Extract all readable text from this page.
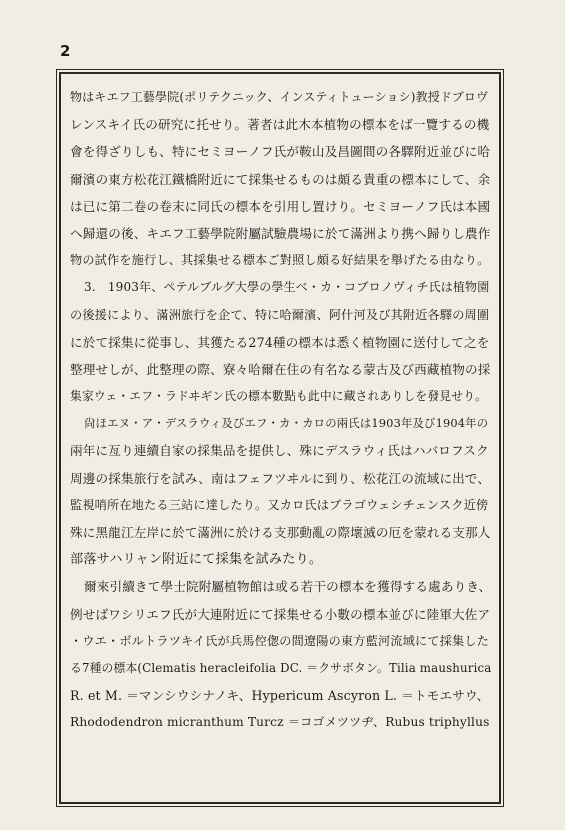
2
物はキエフ工藝學院(ポリテクニック、インスティトューショシ)教授ドブロヴ
レンスキイ氏の研究に托せり。著者は此木本植物の標本をば一覽するの機
會を得ざりしも、特にセミヨーノフ氏が鞍山及昌圖間の各驛附近並びに哈
爾濱の東方松花江鐵橋附近にて採集せるものは頗る貴重の標本にして、余
は已に第二卷の卷末に同氏の標本を引用し置けり。セミヨーノフ氏は本國
へ歸還の後、キエフ工藝學院附屬試驗農場に於て滿洲より携へ歸りし農作
物の試作を施行し、其採集せる標本ご對照し頗る好結果を舉げたる由なり。
3.　1903年、ペテルブルグ大學の學生ベ・カ・コブロノヴィチ氏は植物園
の後援により、滿洲旅行を企て、特に哈爾濱、阿什河及び其附近各驛の周圍
に於て採集に從事し、其獲たる274種の標本は悉く植物園に送付して之を
整理せしが、此整理の際、寮々哈爾在住の有名なる蒙古及び西藏植物の採
集家ウェ・エフ・ラドヰギン氏の標本數點も此中に藏されありしを發見せり。
尙ほエヌ・ア・デスラウィ及びエフ・カ・カロの兩氏は1903年及び1904年の
兩年に亙り連續自家の採集品を提供し、殊にデスラウィ氏はハバロフスク
周邊の採集旅行を試み、南はフェフツヰルに到り、松花江の流域に出で、
監視哨所在地たる三站に達したり。又カロ氏はブラゴウェシチェンスク近傍
殊に黑龍江左岸に於て滿洲に於ける支那動亂の際壞滅の厄を蒙れる支那人
部落サハリャン附近にて採集を試みたり。
爾來引續きて學士院附屬植物館は或る若干の標本を獲得する處ありき、
例せばワシリエフ氏が大連附近にて採集せる小數の標本並びに陸軍大佐ア
・ウエ・ボルトラツキイ氏が兵馬倥偬の間遼陽の東方藍河流域にて採集した
る7種の標本(Clematis heracleifolia DC. ＝クサボタン。Tilia maushurica
R. et M. ＝マンシウシナノキ、Hypericum Ascyron L. ＝トモエサウ、
Rhododendron micranthum Turcz ＝コゴメツツヂ、Rubus triphyllus
